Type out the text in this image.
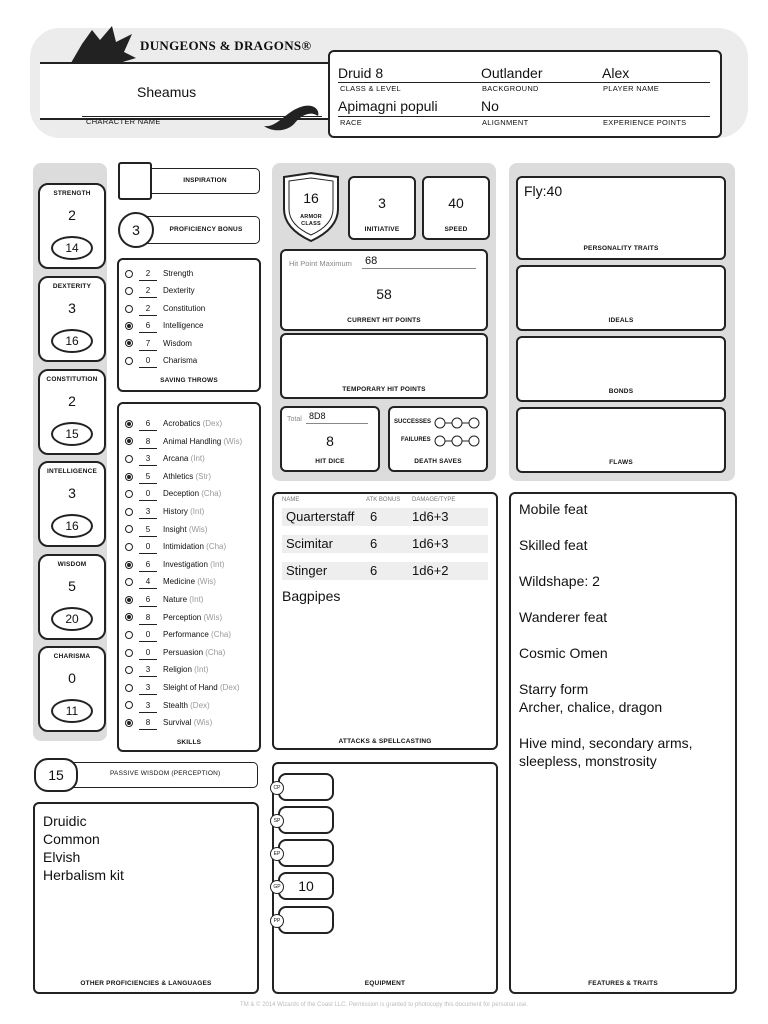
DUNGEONS & DRAGONS®
Sheamus
CHARACTER NAME
Druid 8	Outlander	Alex
CLASS & LEVEL	BACKGROUND	PLAYER NAME
Apimagni populi	No
RACE	ALIGNMENT	EXPERIENCE POINTS
STRENGTH
2
14
DEXTERITY
3
16
CONSTITUTION
2
15
INTELLIGENCE
3
16
WISDOM
5
20
CHARISMA
0
11
INSPIRATION
3	PROFICIENCY BONUS
2 Strength
2 Dexterity
2 Constitution
6 Intelligence
7 Wisdom
0 Charisma
SAVING THROWS
6 Acrobatics (Dex)
8 Animal Handling (Wis)
3 Arcana (Int)
5 Athletics (Str)
0 Deception (Cha)
3 History (Int)
5 Insight (Wis)
0 Intimidation (Cha)
6 Investigation (Int)
4 Medicine (Wis)
6 Nature (Int)
8 Perception (Wis)
0 Performance (Cha)
0 Persuasion (Cha)
3 Religion (Int)
3 Sleight of Hand (Dex)
3 Stealth (Dex)
8 Survival (Wis)
SKILLS
15	PASSIVE WISDOM (PERCEPTION)
Druidic
Common
Elvish
Herbalism kit
OTHER PROFICIENCIES & LANGUAGES
16
ARMOR CLASS
3
INITIATIVE
40
SPEED
Hit Point Maximum 68
58
CURRENT HIT POINTS
TEMPORARY HIT POINTS
Total 8D8
8
HIT DICE
SUCCESSES
FAILURES
DEATH SAVES
NAME	ATK BONUS DAMAGE/TYPE
Quarterstaff	6	1d6+3
Scimitar	6	1d6+3
Stinger	6	1d6+2
Bagpipes
ATTACKS & SPELLCASTING
EQUIPMENT
CP
SP
EP
GP	10
PP
Fly:40
PERSONALITY TRAITS
IDEALS
BONDS
FLAWS
Mobile feat
Skilled feat
Wildshape: 2
Wanderer feat
Cosmic Omen
Starry form
Archer, chalice, dragon
Hive mind, secondary arms,
sleepless, monstrosity
FEATURES & TRAITS
TM & © 2014 Wizards of the Coast LLC. Permission is granted to photocopy this document for personal use.
